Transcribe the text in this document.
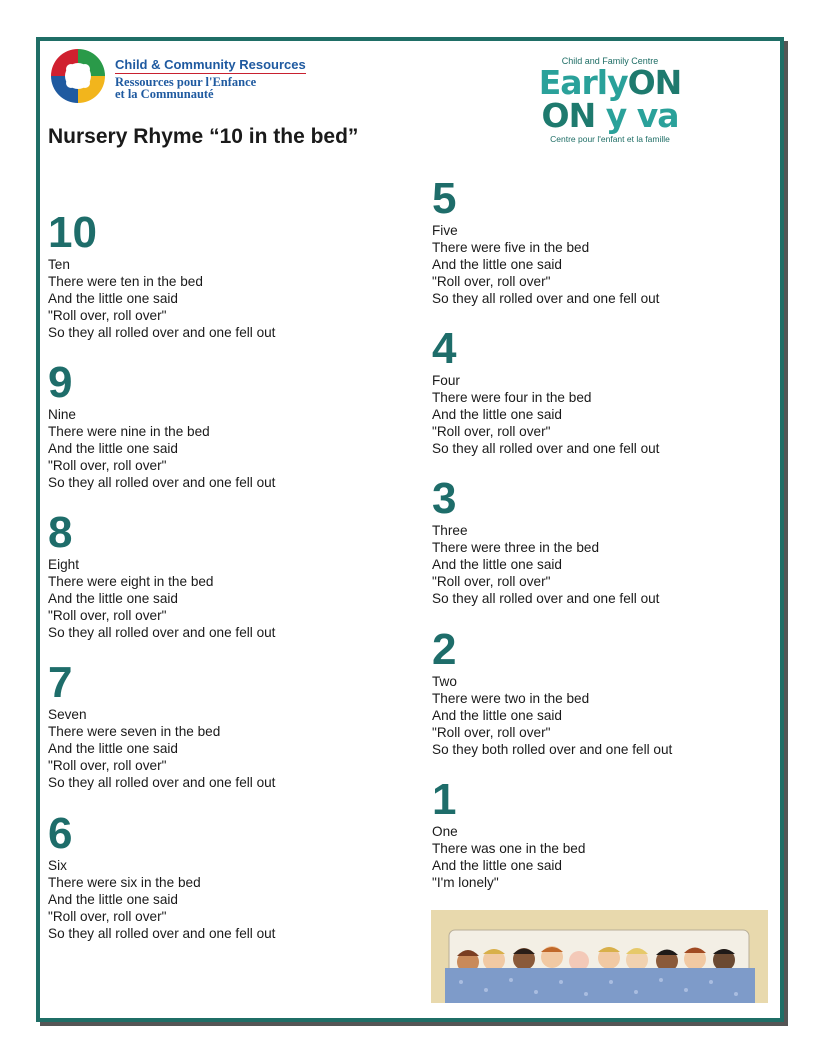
Child & Community Resources
Ressources pour l'Enfance
et la Communauté
Child and Family Centre
EarlyON
ON y va
Centre pour l'enfant et la famille
Nursery Rhyme “10 in the bed”
10
Ten
There were ten in the bed
And the little one said
"Roll over, roll over"
So they all rolled over and one fell out
9
Nine
There were nine in the bed
And the little one said
"Roll over, roll over"
So they all rolled over and one fell out
8
Eight
There were eight in the bed
And the little one said
"Roll over, roll over"
So they all rolled over and one fell out
7
Seven
There were seven in the bed
And the little one said
"Roll over, roll over"
So they all rolled over and one fell out
6
Six
There were six in the bed
And the little one said
"Roll over, roll over"
So they all rolled over and one fell out
5
Five
There were five in the bed
And the little one said
"Roll over, roll over"
So they all rolled over and one fell out
4
Four
There were four in the bed
And the little one said
"Roll over, roll over"
So they all rolled over and one fell out
3
Three
There were three in the bed
And the little one said
"Roll over, roll over"
So they all rolled over and one fell out
2
Two
There were two in the bed
And the little one said
"Roll over, roll over"
So they both rolled over and one fell out
1
One
There was one in the bed
And the little one said
"I'm lonely"
